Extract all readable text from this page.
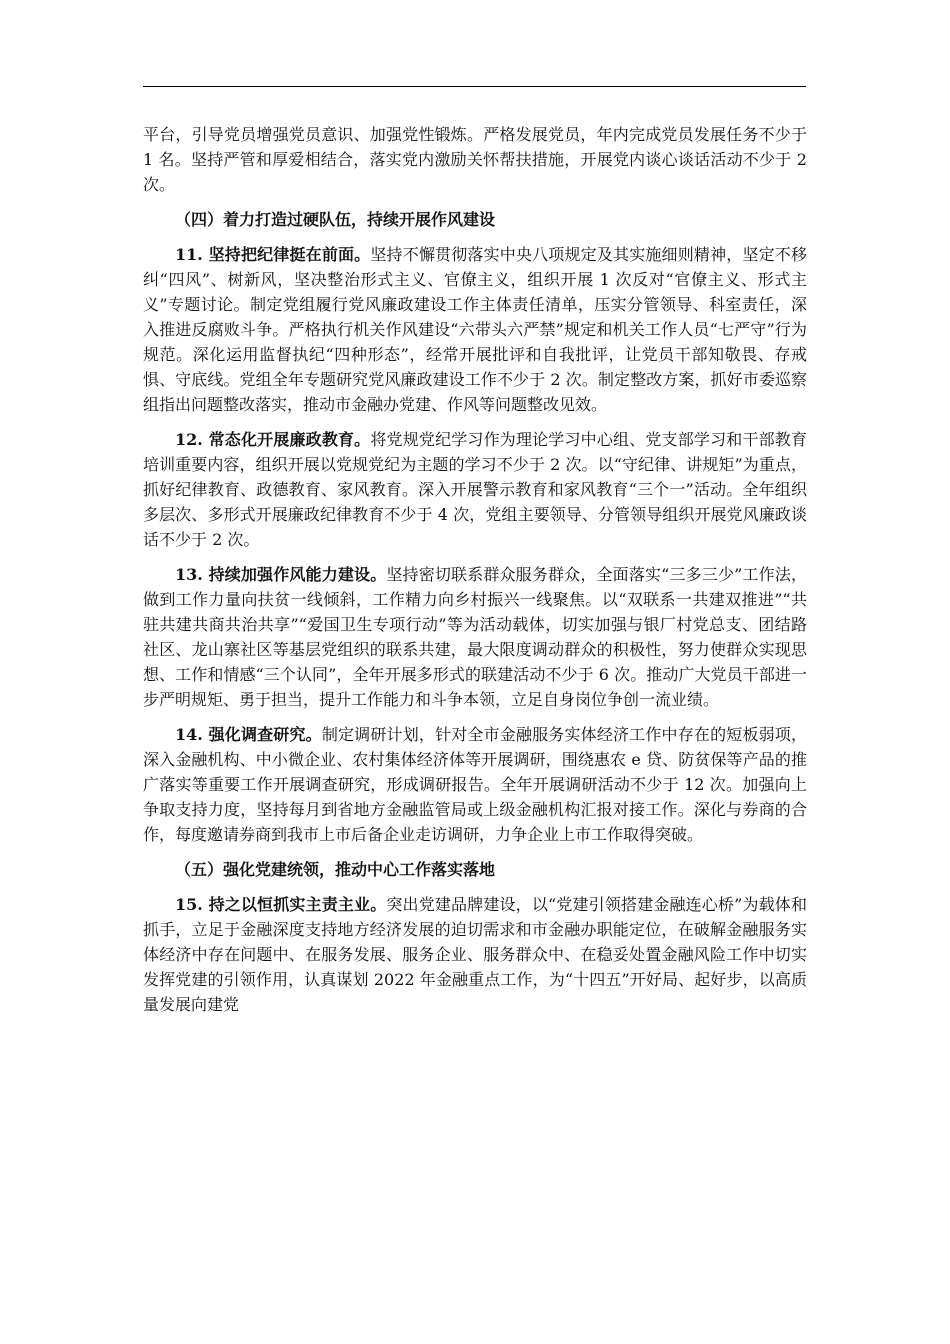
平台，引导党员增强党员意识、加强党性锻炼。严格发展党员，年内完成党员发展任务不少于 1 名。坚持严管和厚爱相结合，落实党内激励关怀帮扶措施，开展党内谈心谈话活动不少于 2 次。

（四）着力打造过硬队伍，持续开展作风建设

11. 坚持把纪律挺在前面。坚持不懈贯彻落实中央八项规定及其实施细则精神，坚定不移纠“四风”、树新风，坚决整治形式主义、官僚主义，组织开展 1 次反对“官僚主义、形式主义”专题讨论。制定党组履行党风廉政建设工作主体责任清单，压实分管领导、科室责任，深入推进反腐败斗争。严格执行机关作风建设“六带头六严禁”规定和机关工作人员“七严守”行为规范。深化运用监督执纪“四种形态”，经常开展批评和自我批评，让党员干部知敬畏、存戒惧、守底线。党组全年专题研究党风廉政建设工作不少于 2 次。制定整改方案，抓好市委巡察组指出问题整改落实，推动市金融办党建、作风等问题整改见效。

12. 常态化开展廉政教育。将党规党纪学习作为理论学习中心组、党支部学习和干部教育培训重要内容，组织开展以党规党纪为主题的学习不少于 2 次。以“守纪律、讲规矩”为重点，抓好纪律教育、政德教育、家风教育。深入开展警示教育和家风教育“三个一”活动。全年组织多层次、多形式开展廉政纪律教育不少于 4 次，党组主要领导、分管领导组织开展党风廉政谈话不少于 2 次。

13. 持续加强作风能力建设。坚持密切联系群众服务群众，全面落实“三多三少”工作法，做到工作力量向扶贫一线倾斜，工作精力向乡村振兴一线聚焦。以“双联系一共建双推进”“共驻共建共商共治共享”“爱国卫生专项行动”等为活动载体，切实加强与银厂村党总支、团结路社区、龙山寨社区等基层党组织的联系共建，最大限度调动群众的积极性，努力使群众实现思想、工作和情感“三个认同”，全年开展多形式的联建活动不少于 6 次。推动广大党员干部进一步严明规矩、勇于担当，提升工作能力和斗争本领，立足自身岗位争创一流业绩。

14. 强化调查研究。制定调研计划，针对全市金融服务实体经济工作中存在的短板弱项，深入金融机构、中小微企业、农村集体经济体等开展调研，围绕惠农 e 贷、防贫保等产品的推广落实等重要工作开展调查研究，形成调研报告。全年开展调研活动不少于 12 次。加强向上争取支持力度，坚持每月到省地方金融监管局或上级金融机构汇报对接工作。深化与券商的合作，每度邀请券商到我市上市后备企业走访调研，力争企业上市工作取得突破。

（五）强化党建统领，推动中心工作落实落地

15. 持之以恒抓实主责主业。突出党建品牌建设，以“党建引领搭建金融连心桥”为载体和抓手，立足于金融深度支持地方经济发展的迫切需求和市金融办职能定位，在破解金融服务实体经济中存在问题中、在服务发展、服务企业、服务群众中、在稳妥处置金融风险工作中切实发挥党建的引领作用，认真谋划 2022 年金融重点工作，为“十四五”开好局、起好步，以高质量发展向建党
